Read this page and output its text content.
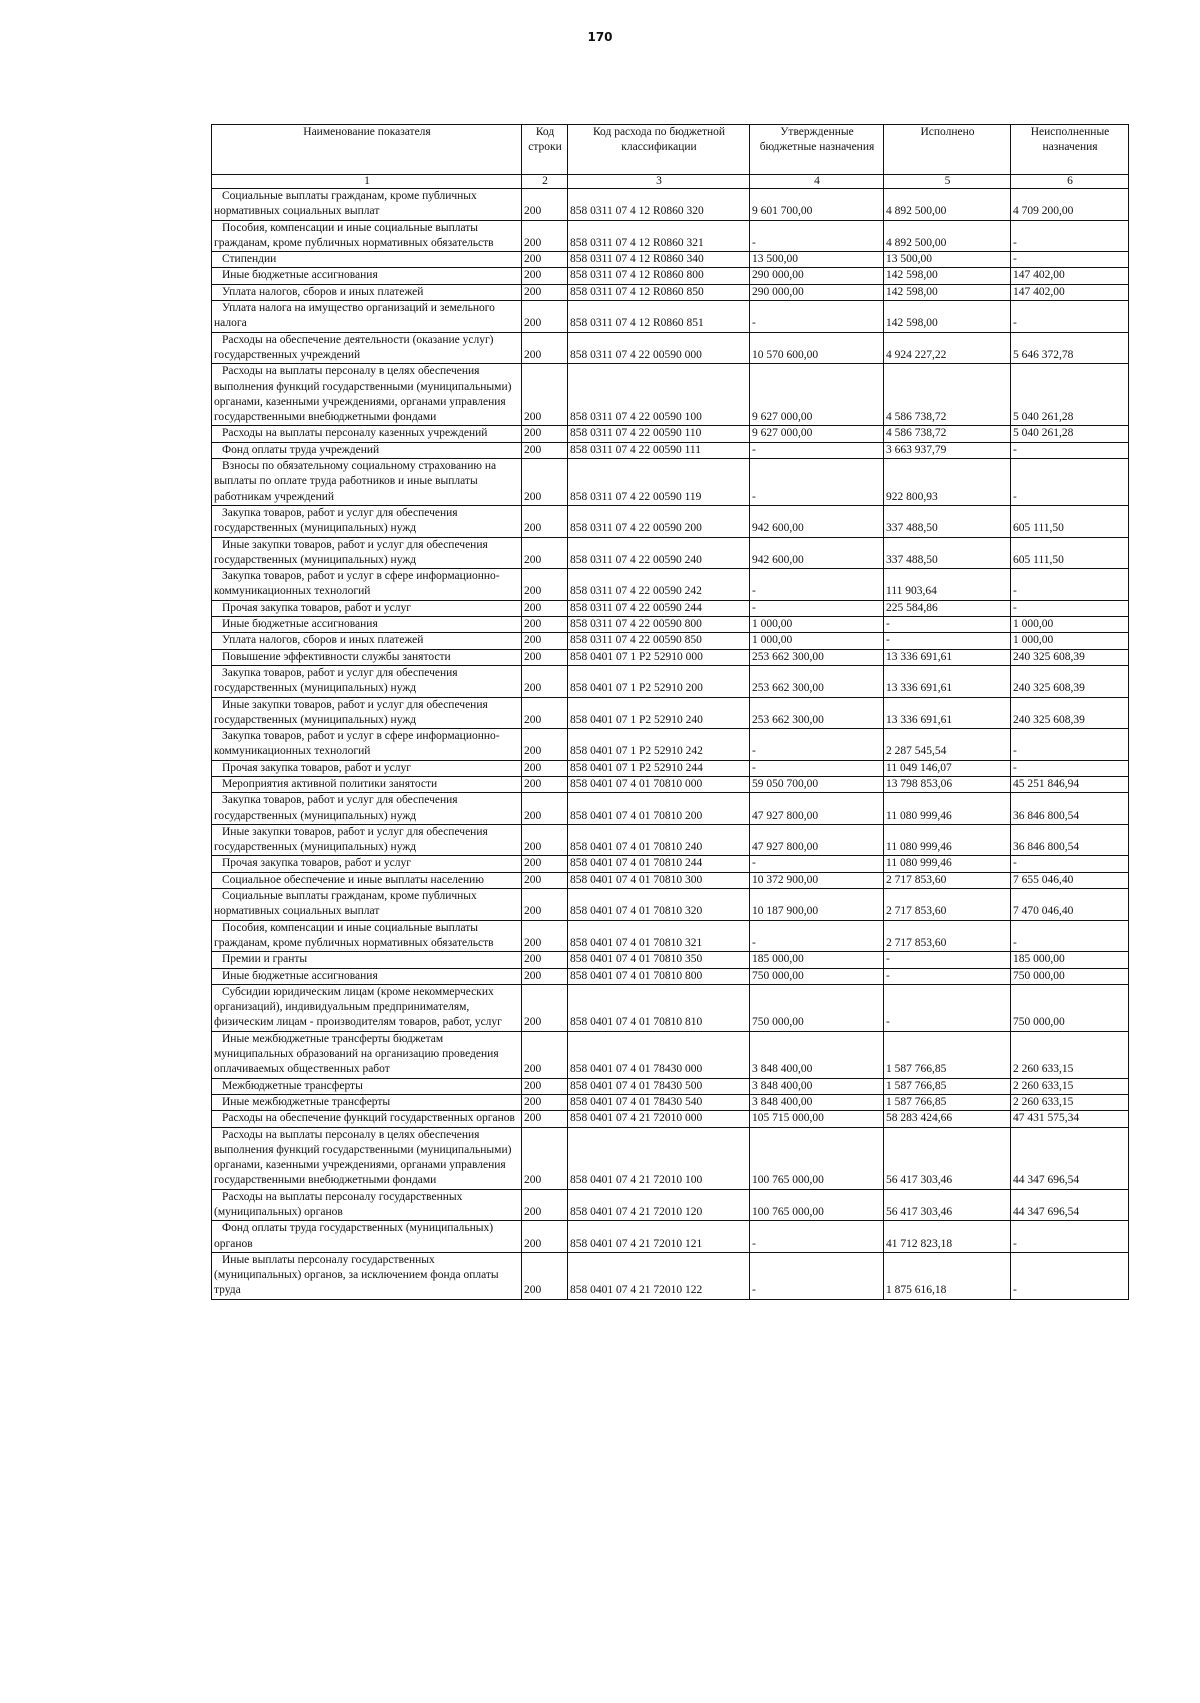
170
Наименование показателя	Код строки	Код расхода по бюджетной классификации	Утвержденные бюджетные назначения	Исполнено	Неисполненные назначения
1	2	3	4	5	6

Социальные выплаты гражданам, кроме публичных нормативных социальных выплат	200	858 0311 07 4 12 R0860 320	9 601 700,00	4 892 500,00	4 709 200,00

Пособия, компенсации и иные социальные выплаты гражданам, кроме публичных нормативных обязательств	200	858 0311 07 4 12 R0860 321	-	4 892 500,00	-

Стипендии	200	858 0311 07 4 12 R0860 340	13 500,00	13 500,00	-

Иные бюджетные ассигнования	200	858 0311 07 4 12 R0860 800	290 000,00	142 598,00	147 402,00

Уплата налогов, сборов и иных платежей	200	858 0311 07 4 12 R0860 850	290 000,00	142 598,00	147 402,00

Уплата налога на имущество организаций и земельного налога	200	858 0311 07 4 12 R0860 851	-	142 598,00	-

Расходы на обеспечение деятельности (оказание услуг) государственных учреждений	200	858 0311 07 4 22 00590 000	10 570 600,00	4 924 227,22	5 646 372,78

Расходы на выплаты персоналу в целях обеспечения выполнения функций государственными (муниципальными) органами, казенными учреждениями, органами управления государственными внебюджетными фондами	200	858 0311 07 4 22 00590 100	9 627 000,00	4 586 738,72	5 040 261,28

Расходы на выплаты персоналу казенных учреждений	200	858 0311 07 4 22 00590 110	9 627 000,00	4 586 738,72	5 040 261,28

Фонд оплаты труда учреждений	200	858 0311 07 4 22 00590 111	-	3 663 937,79	-

Взносы по обязательному социальному страхованию на выплаты по оплате труда работников и иные выплаты работникам учреждений	200	858 0311 07 4 22 00590 119	-	922 800,93	-

Закупка товаров, работ и услуг для обеспечения государственных (муниципальных) нужд	200	858 0311 07 4 22 00590 200	942 600,00	337 488,50	605 111,50

Иные закупки товаров, работ и услуг для обеспечения государственных (муниципальных) нужд	200	858 0311 07 4 22 00590 240	942 600,00	337 488,50	605 111,50

Закупка товаров, работ и услуг в сфере информационно-коммуникационных технологий	200	858 0311 07 4 22 00590 242	-	111 903,64	-

Прочая закупка товаров, работ и услуг	200	858 0311 07 4 22 00590 244	-	225 584,86	-

Иные бюджетные ассигнования	200	858 0311 07 4 22 00590 800	1 000,00	-	1 000,00

Уплата налогов, сборов и иных платежей	200	858 0311 07 4 22 00590 850	1 000,00	-	1 000,00

Повышение эффективности службы занятости	200	858 0401 07 1 P2 52910 000	253 662 300,00	13 336 691,61	240 325 608,39

Закупка товаров, работ и услуг для обеспечения государственных (муниципальных) нужд	200	858 0401 07 1 P2 52910 200	253 662 300,00	13 336 691,61	240 325 608,39

Иные закупки товаров, работ и услуг для обеспечения государственных (муниципальных) нужд	200	858 0401 07 1 P2 52910 240	253 662 300,00	13 336 691,61	240 325 608,39

Закупка товаров, работ и услуг в сфере информационно-коммуникационных технологий	200	858 0401 07 1 P2 52910 242	-	2 287 545,54	-

Прочая закупка товаров, работ и услуг	200	858 0401 07 1 P2 52910 244	-	11 049 146,07	-

Мероприятия активной политики занятости	200	858 0401 07 4 01 70810 000	59 050 700,00	13 798 853,06	45 251 846,94

Закупка товаров, работ и услуг для обеспечения государственных (муниципальных) нужд	200	858 0401 07 4 01 70810 200	47 927 800,00	11 080 999,46	36 846 800,54

Иные закупки товаров, работ и услуг для обеспечения государственных (муниципальных) нужд	200	858 0401 07 4 01 70810 240	47 927 800,00	11 080 999,46	36 846 800,54

Прочая закупка товаров, работ и услуг	200	858 0401 07 4 01 70810 244	-	11 080 999,46	-

Социальное обеспечение и иные выплаты населению	200	858 0401 07 4 01 70810 300	10 372 900,00	2 717 853,60	7 655 046,40

Социальные выплаты гражданам, кроме публичных нормативных социальных выплат	200	858 0401 07 4 01 70810 320	10 187 900,00	2 717 853,60	7 470 046,40

Пособия, компенсации и иные социальные выплаты гражданам, кроме публичных нормативных обязательств	200	858 0401 07 4 01 70810 321	-	2 717 853,60	-

Премии и гранты	200	858 0401 07 4 01 70810 350	185 000,00	-	185 000,00

Иные бюджетные ассигнования	200	858 0401 07 4 01 70810 800	750 000,00	-	750 000,00

Субсидии юридическим лицам (кроме некоммерческих организаций), индивидуальным предпринимателям, физическим лицам - производителям товаров, работ, услуг	200	858 0401 07 4 01 70810 810	750 000,00	-	750 000,00

Иные межбюджетные трансферты бюджетам муниципальных образований на организацию проведения оплачиваемых общественных работ	200	858 0401 07 4 01 78430 000	3 848 400,00	1 587 766,85	2 260 633,15

Межбюджетные трансферты	200	858 0401 07 4 01 78430 500	3 848 400,00	1 587 766,85	2 260 633,15

Иные межбюджетные трансферты	200	858 0401 07 4 01 78430 540	3 848 400,00	1 587 766,85	2 260 633,15

Расходы на обеспечение функций государственных органов	200	858 0401 07 4 21 72010 000	105 715 000,00	58 283 424,66	47 431 575,34

Расходы на выплаты персоналу в целях обеспечения выполнения функций государственными (муниципальными) органами, казенными учреждениями, органами управления государственными внебюджетными фондами	200	858 0401 07 4 21 72010 100	100 765 000,00	56 417 303,46	44 347 696,54

Расходы на выплаты персоналу государственных (муниципальных) органов	200	858 0401 07 4 21 72010 120	100 765 000,00	56 417 303,46	44 347 696,54

Фонд оплаты труда государственных (муниципальных) органов	200	858 0401 07 4 21 72010 121	-	41 712 823,18	-

Иные выплаты персоналу государственных (муниципальных) органов, за исключением фонда оплаты труда	200	858 0401 07 4 21 72010 122	-	1 875 616,18	-
